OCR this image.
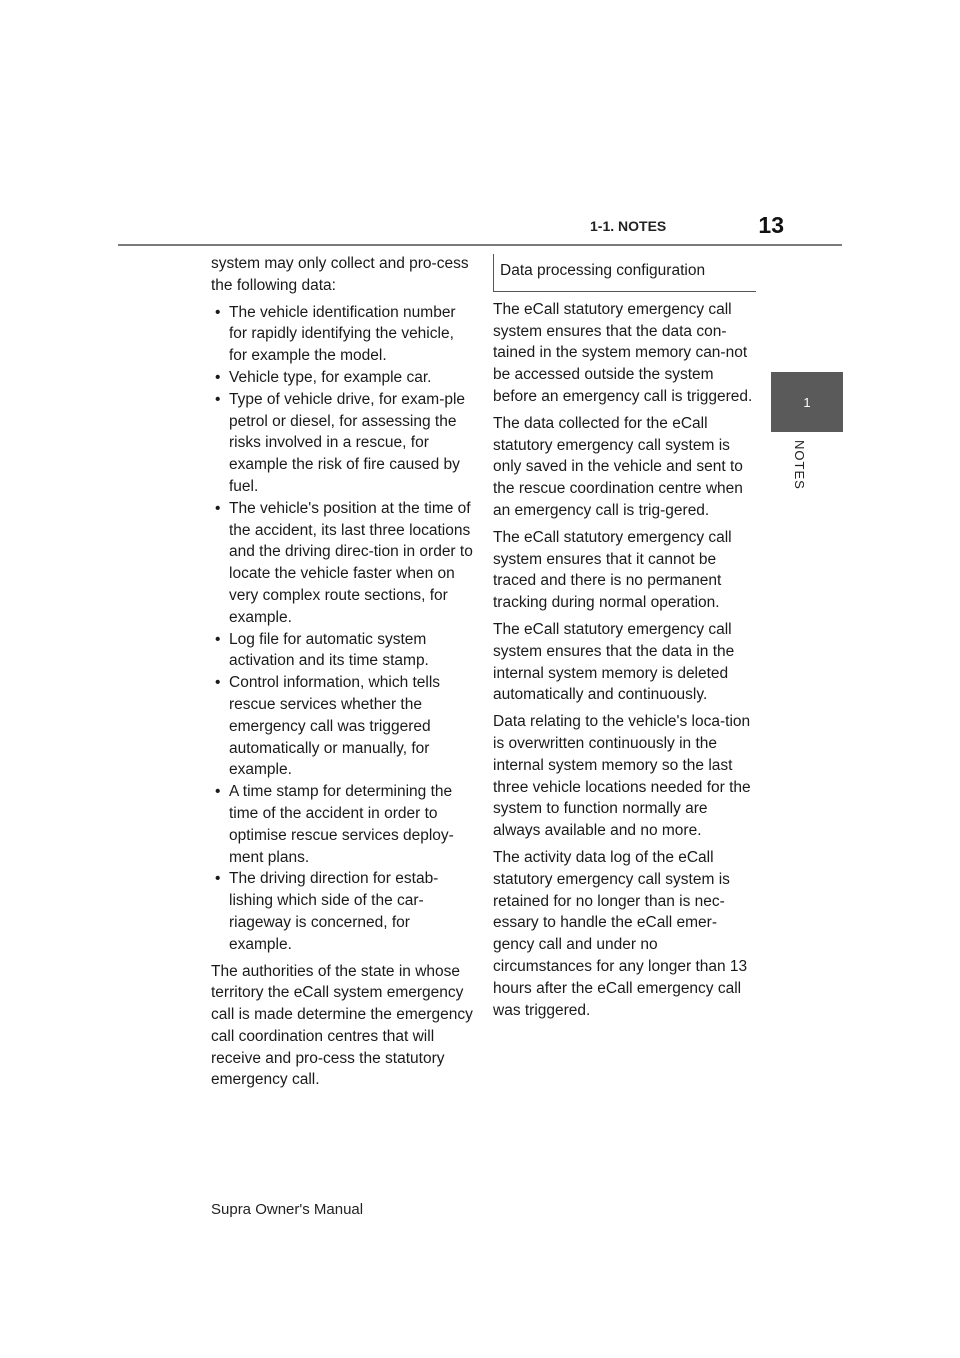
1-1. NOTES	13
1
NOTES

system may only collect and pro-cess the following data:

• The vehicle identification number for rapidly identifying the vehicle, for example the model.
• Vehicle type, for example car.
• Type of vehicle drive, for exam-ple petrol or diesel, for assessing the risks involved in a rescue, for example the risk of fire caused by fuel.
• The vehicle's position at the time of the accident, its last three locations and the driving direc-tion in order to locate the vehicle faster when on very complex route sections, for example.
• Log file for automatic system activation and its time stamp.
• Control information, which tells rescue services whether the emergency call was triggered automatically or manually, for example.
• A time stamp for determining the time of the accident in order to optimise rescue services deploy-ment plans.
• The driving direction for estab-lishing which side of the car-riageway is concerned, for example.

The authorities of the state in whose territory the eCall system emergency call is made determine the emergency call coordination centres that will receive and pro-cess the statutory emergency call.

Data processing configuration

The eCall statutory emergency call system ensures that the data con-tained in the system memory can-not be accessed outside the system before an emergency call is triggered.

The data collected for the eCall statutory emergency call system is only saved in the vehicle and sent to the rescue coordination centre when an emergency call is trig-gered.

The eCall statutory emergency call system ensures that it cannot be traced and there is no permanent tracking during normal operation.

The eCall statutory emergency call system ensures that the data in the internal system memory is deleted automatically and continuously.

Data relating to the vehicle's loca-tion is overwritten continuously in the internal system memory so the last three vehicle locations needed for the system to function normally are always available and no more.

The activity data log of the eCall statutory emergency call system is retained for no longer than is nec-essary to handle the eCall emer-gency call and under no circumstances for any longer than 13 hours after the eCall emergency call was triggered.

Supra Owner's Manual
